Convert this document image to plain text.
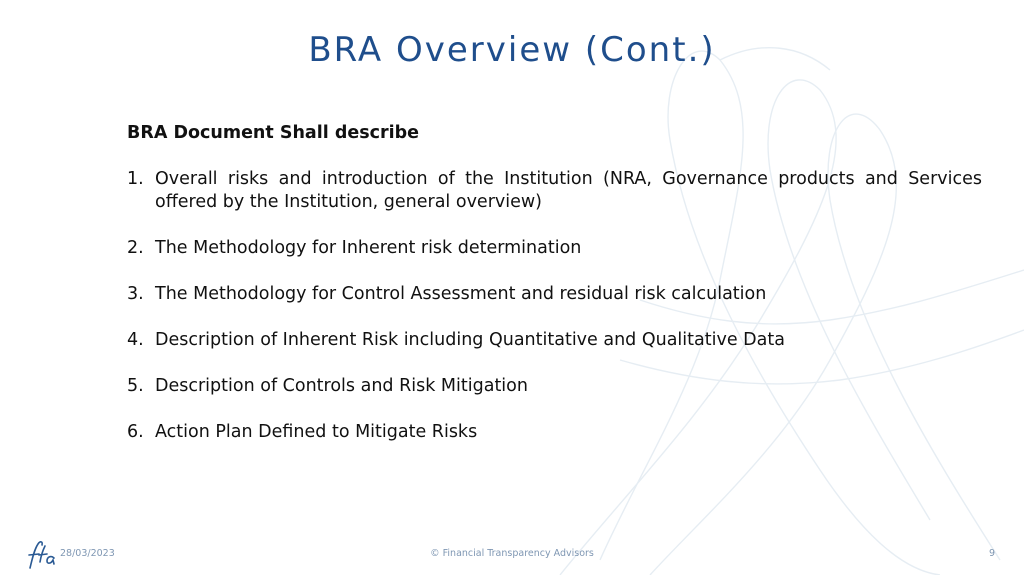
BRA Overview (Cont.)

BRA Document Shall describe

1. Overall risks and introduction of the Institution (NRA, Governance products and Services offered by the Institution, general overview)
2. The Methodology for Inherent risk determination
3. The Methodology for Control Assessment and residual risk calculation
4. Description of Inherent Risk including Quantitative and Qualitative Data
5. Description of Controls and Risk Mitigation
6. Action Plan Defined to Mitigate Risks
28/03/2023	© Financial Transparency Advisors	9
